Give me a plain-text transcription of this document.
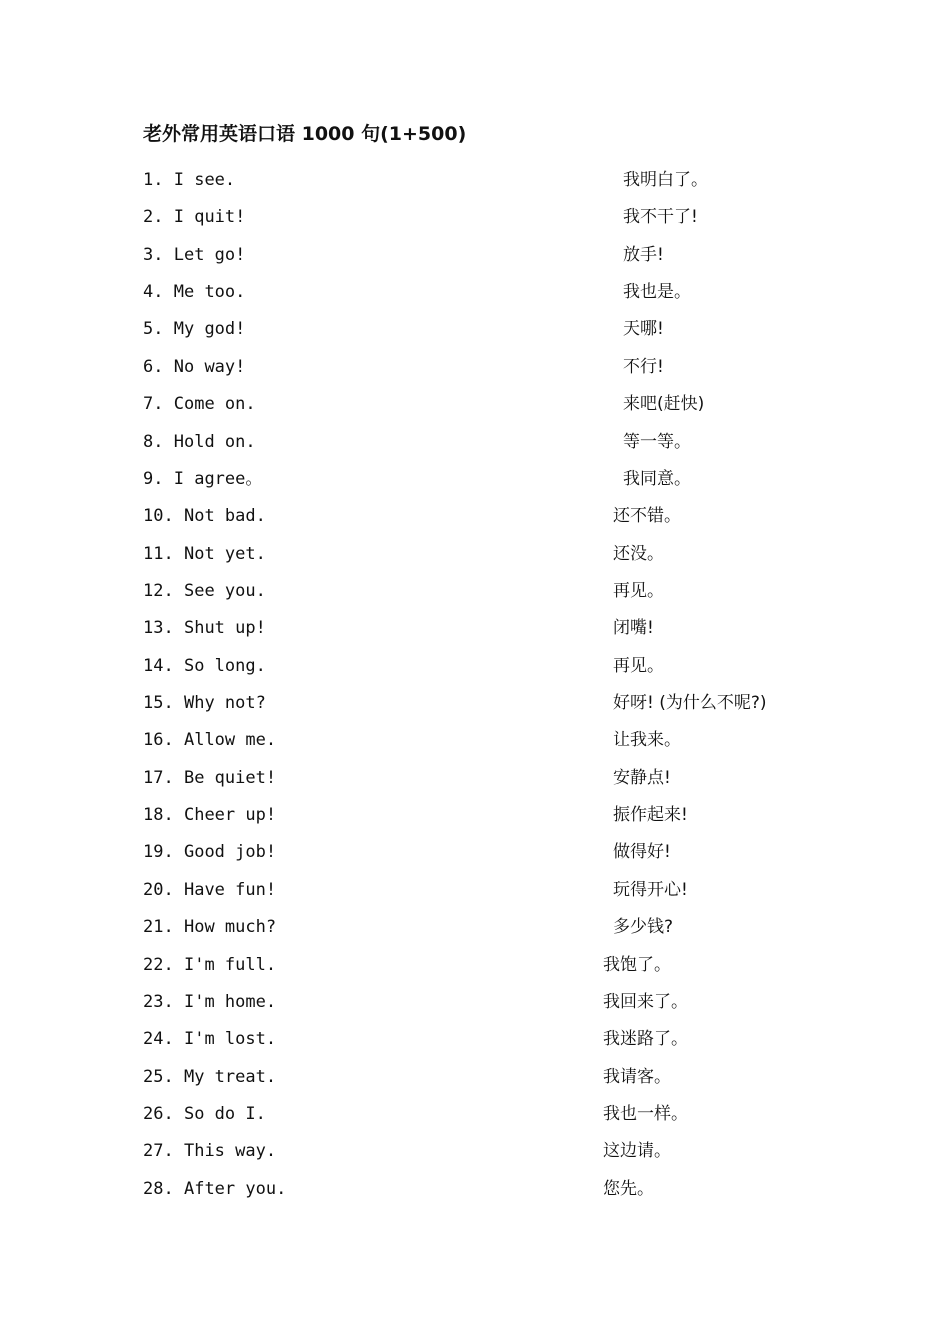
老外常用英语口语 1000 句(1+500)
1. I see.	我明白了。
2. I quit!	我不干了!
3. Let go!	放手!
4. Me too.	我也是。
5. My god!	天哪!
6. No way!	不行!
7. Come on.	来吧(赶快)
8. Hold on.	等一等。
9. I agree。	我同意。
10. Not bad.	还不错。
11. Not yet.	还没。
12. See you.	再见。
13. Shut up!	闭嘴!
14. So long.	再见。
15. Why not?	好呀! (为什么不呢?)
16. Allow me.	让我来。
17. Be quiet!	安静点!
18. Cheer up!	振作起来!
19. Good job!	做得好!
20. Have fun!	玩得开心!
21. How much?	多少钱?
22. I'm full.	我饱了。
23. I'm home.	我回来了。
24. I'm lost.	我迷路了。
25. My treat.	我请客。
26. So do I.	我也一样。
27. This way.	这边请。
28. After you.	您先。
